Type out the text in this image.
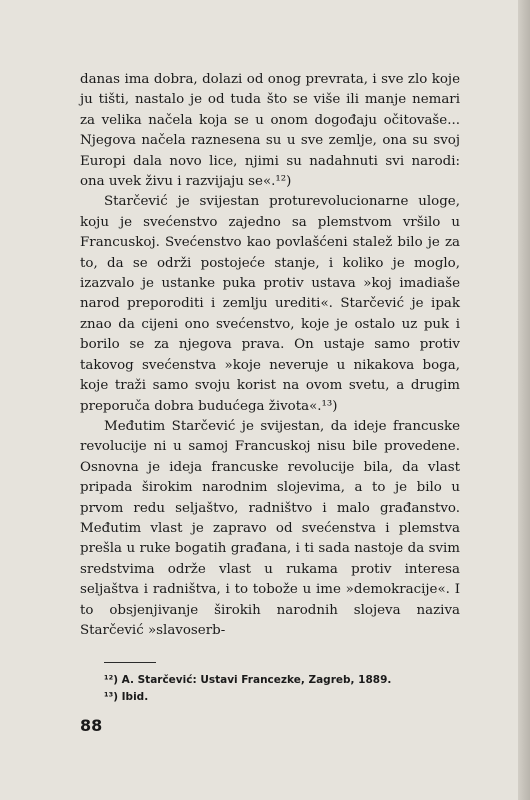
danas ima dobra, dolazi od onog prevrata, i sve zlo koje ju tišti, nastalo je od tuda što se više ili manje nemari za velika načela koja se u onom dogođaju očitovaše... Njegova načela raznesena su u sve zemlje, ona su svoj Europi dala novo lice, njimi su nadahnuti svi narodi: ona uvek živu i razvijaju se«.¹²)

Starčević je svijestan proturevolucionarne uloge, koju je svećenstvo zajedno sa plemstvom vršilo u Francuskoj. Svećenstvo kao povlašćeni stalež bilo je za to, da se održi postojeće stanje, i koliko je moglo, izazvalo je ustanke puka protiv ustava »koj imadiaše narod preporoditi i zemlju urediti«. Starčević je ipak znao da cijeni ono svećenstvo, koje je ostalo uz puk i borilo se za njegova prava. On ustaje samo protiv takovog svećenstva »koje neveruje u nikakova boga, koje traži samo svoju korist na ovom svetu, a drugim preporuča dobra budućega života«.¹³)

Međutim Starčević je svijestan, da ideje francuske revolucije ni u samoj Francuskoj nisu bile provedene. Osnovna je ideja francuske revolucije bila, da vlast pripada širokim narodnim slojevima, a to je bilo u prvom redu seljaštvo, radništvo i malo građanstvo. Međutim vlast je zapravo od svećenstva i plemstva prešla u ruke bogatih građana, i ti sada nastoje da svim sredstvima održe vlast u rukama protiv interesa seljaštva i radništva, i to tobože u ime »demokracije«. I to obsjenjivanje širokih narodnih slojeva naziva Starčević »slavoserb-

¹²) A. Starčević: Ustavi Francezke, Zagreb, 1889.
¹³) Ibid.
88
